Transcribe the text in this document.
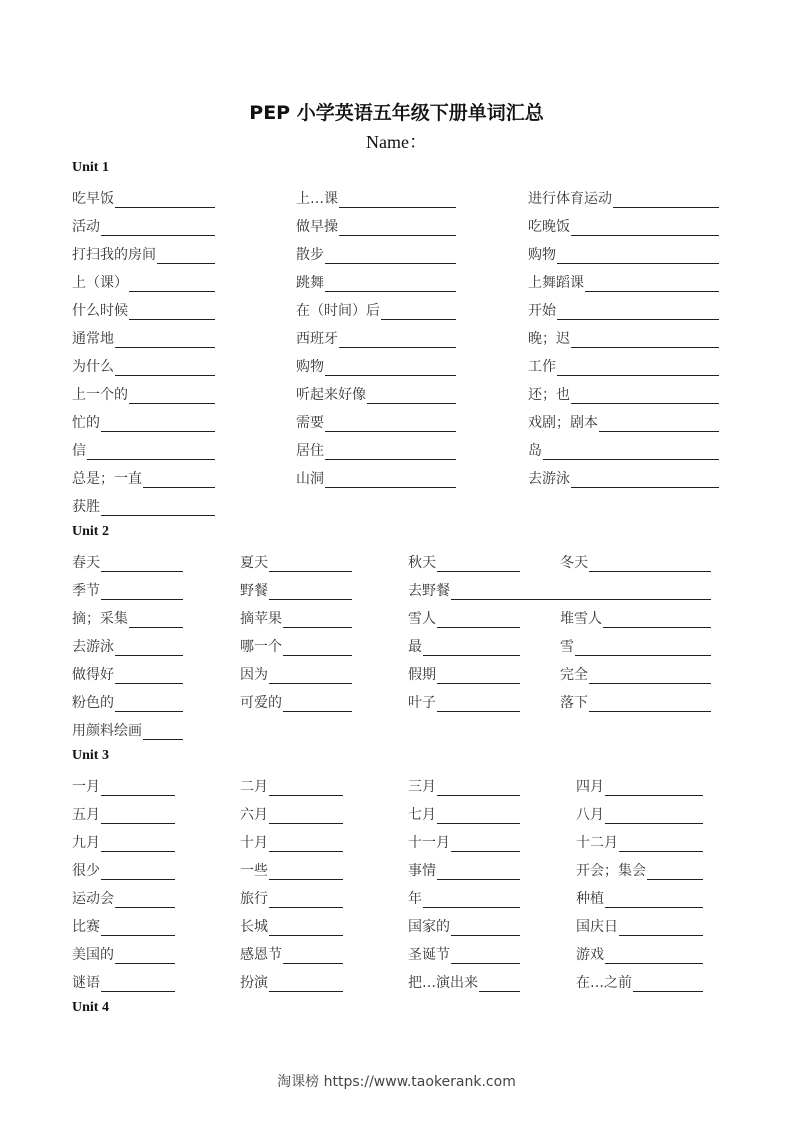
PEP 小学英语五年级下册单词汇总
Name：
Unit 1
吃早饭	上…课	进行体育运动
活动	做早操	吃晚饭
打扫我的房间	散步	购物
上（课）	跳舞	上舞蹈课
什么时候	在（时间）后	开始
通常地	西班牙	晚；迟
为什么	购物	工作
上一个的	听起来好像	还；也
忙的	需要	戏剧；剧本
信	居住	岛
总是；一直	山洞	去游泳
获胜
Unit 2
春天	夏天	秋天	冬天
季节	野餐	去野餐
摘；采集	摘苹果	雪人	堆雪人
去游泳	哪一个	最	雪
做得好	因为	假期	完全
粉色的	可爱的	叶子	落下
用颜料绘画
Unit 3
一月	二月	三月	四月
五月	六月	七月	八月
九月	十月	十一月	十二月
很少	一些	事情	开会；集会
运动会	旅行	年	种植
比赛	长城	国家的	国庆日
美国的	感恩节	圣诞节	游戏
谜语	扮演	把…演出来	在…之前
Unit 4
淘课榜 https://www.taokerank.com
